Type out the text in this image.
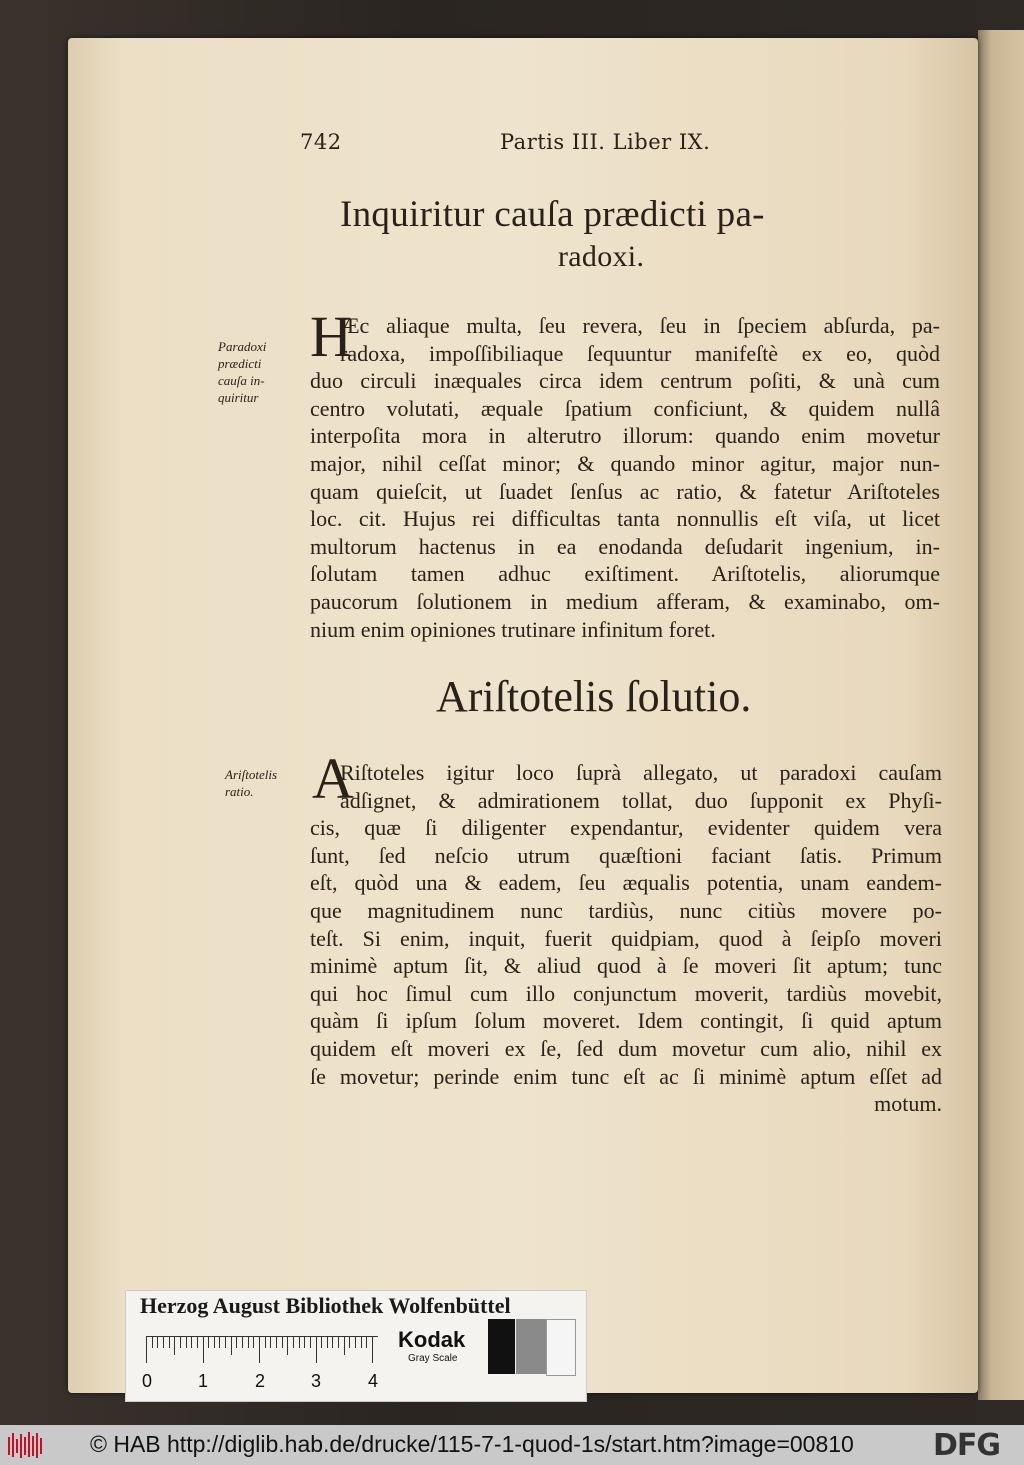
742	Partis III. Liber IX.
Inquiritur cauſa prædicti pa-
radoxi.
Paradoxi
prædicti
cauſa in-
quiritur
H
Æc aliaque multa, ſeu revera, ſeu in ſpeciem abſurda, pa-
radoxa, impoſſibiliaque ſequuntur manifeſtè ex eo, quòd
duo circuli inæquales circa idem centrum poſiti, & unà cum
centro volutati, æquale ſpatium conficiunt, & quidem nullâ
interpoſita mora in alterutro illorum: quando enim movetur
major, nihil ceſſat minor; & quando minor agitur, major nun-
quam quieſcit, ut ſuadet ſenſus ac ratio, & fatetur Ariſtoteles
loc. cit. Hujus rei difficultas tanta nonnullis eſt viſa, ut licet
multorum hactenus in ea enodanda deſudarit ingenium, in-
ſolutam tamen adhuc exiſtiment. Ariſtotelis, aliorumque
paucorum ſolutionem in medium afferam, & examinabo, om-
nium enim opiniones trutinare infinitum foret.
Ariſtotelis ſolutio.
Ariſtotelis
ratio.	A
Riſtoteles igitur loco ſuprà allegato, ut paradoxi cauſam
adſignet, & admirationem tollat, duo ſupponit ex Phyſi-
cis, quæ ſi diligenter expendantur, evidenter quidem vera
ſunt, ſed neſcio utrum quæſtioni faciant ſatis. Primum
eſt, quòd una & eadem, ſeu æqualis potentia, unam eandem-
que magnitudinem nunc tardiùs, nunc citiùs movere po-
teſt. Si enim, inquit, fuerit quidpiam, quod à ſeipſo moveri
minimè aptum ſit, & aliud quod à ſe moveri ſit aptum; tunc
qui hoc ſimul cum illo conjunctum moverit, tardiùs movebit,
quàm ſi ipſum ſolum moveret. Idem contingit, ſi quid aptum
quidem eſt moveri ex ſe, ſed dum movetur cum alio, nihil ex
ſe movetur; perinde enim tunc eſt ac ſi minimè aptum eſſet ad
motum.
Herzog August Bibliothek Wolfenbüttel
0	1	2	3	4
Kodak
Gray Scale
© HAB http://diglib.hab.de/drucke/115-7-1-quod-1s/start.htm?image=00810	DFG
